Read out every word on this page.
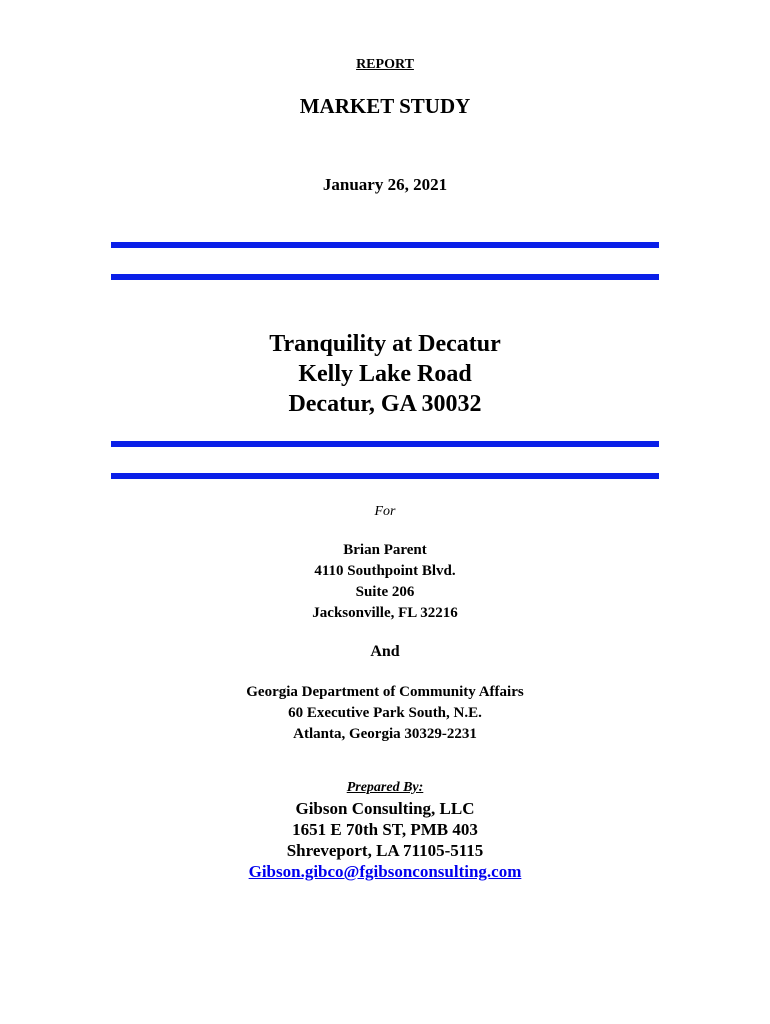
REPORT
MARKET STUDY
January 26, 2021
Tranquility at Decatur
Kelly Lake Road
Decatur, GA 30032
For
Brian Parent
4110 Southpoint Blvd.
Suite 206
Jacksonville, FL 32216
And
Georgia Department of Community Affairs
60 Executive Park South, N.E.
Atlanta, Georgia 30329-2231
Prepared By:
Gibson Consulting, LLC
1651 E 70th ST, PMB 403
Shreveport, LA 71105-5115
Gibson.gibco@fgibsonconsulting.com
